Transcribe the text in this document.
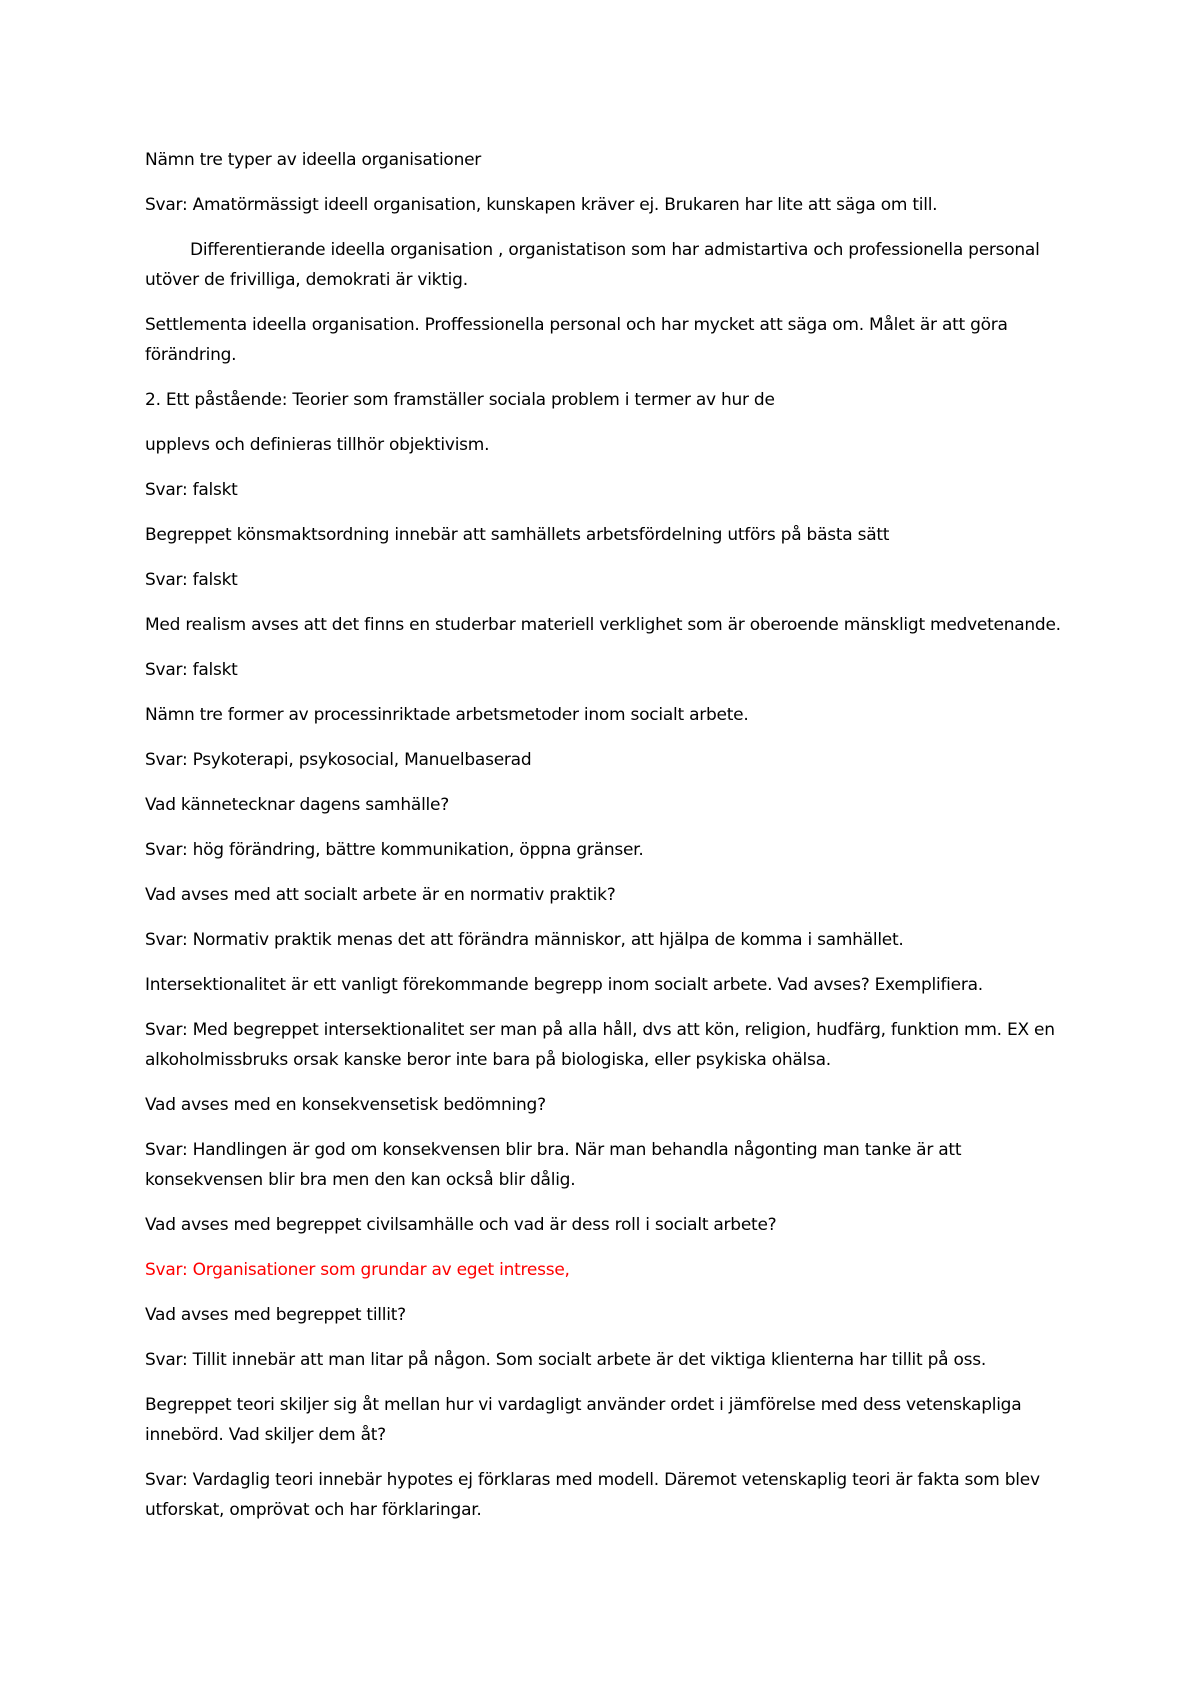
Nämn tre typer av ideella organisationer

Svar: Amatörmässigt ideell organisation, kunskapen kräver ej. Brukaren har lite att säga om till.

Differentierande ideella organisation , organistatison som har admistartiva och professionella personal utöver de frivilliga, demokrati är viktig.

Settlementa ideella organisation. Proffessionella personal och har mycket att säga om. Målet är att göra förändring.

2. Ett påstående: Teorier som framställer sociala problem i termer av hur de

upplevs och definieras tillhör objektivism.

Svar: falskt

Begreppet könsmaktsordning innebär att samhällets arbetsfördelning utförs på bästa sätt

Svar: falskt

Med realism avses att det finns en studerbar materiell verklighet som är oberoende mänskligt medvetenande.

Svar: falskt

Nämn tre former av processinriktade arbetsmetoder inom socialt arbete.

Svar: Psykoterapi, psykosocial, Manuelbaserad

Vad kännetecknar dagens samhälle?

Svar: hög förändring, bättre kommunikation, öppna gränser.

Vad avses med att socialt arbete är en normativ praktik?

Svar: Normativ praktik menas det att förändra människor, att hjälpa de komma i samhället.

Intersektionalitet är ett vanligt förekommande begrepp inom socialt arbete. Vad avses? Exemplifiera.

Svar: Med begreppet intersektionalitet ser man på alla håll, dvs att kön, religion, hudfärg, funktion mm. EX en alkoholmissbruks orsak kanske beror inte bara på biologiska, eller psykiska ohälsa.

Vad avses med en konsekvensetisk bedömning?

Svar: Handlingen är god om konsekvensen blir bra. När man behandla någonting man tanke är att konsekvensen blir bra men den kan också blir dålig.

Vad avses med begreppet civilsamhälle och vad är dess roll i socialt arbete?

Svar: Organisationer som grundar av eget intresse,

Vad avses med begreppet tillit?

Svar: Tillit innebär att man litar på någon. Som socialt arbete är det viktiga klienterna har tillit på oss.

Begreppet teori skiljer sig åt mellan hur vi vardagligt använder ordet i jämförelse med dess vetenskapliga innebörd. Vad skiljer dem åt?

Svar: Vardaglig teori innebär hypotes ej förklaras med modell. Däremot vetenskaplig teori är fakta som blev utforskat, omprövat och har förklaringar.
